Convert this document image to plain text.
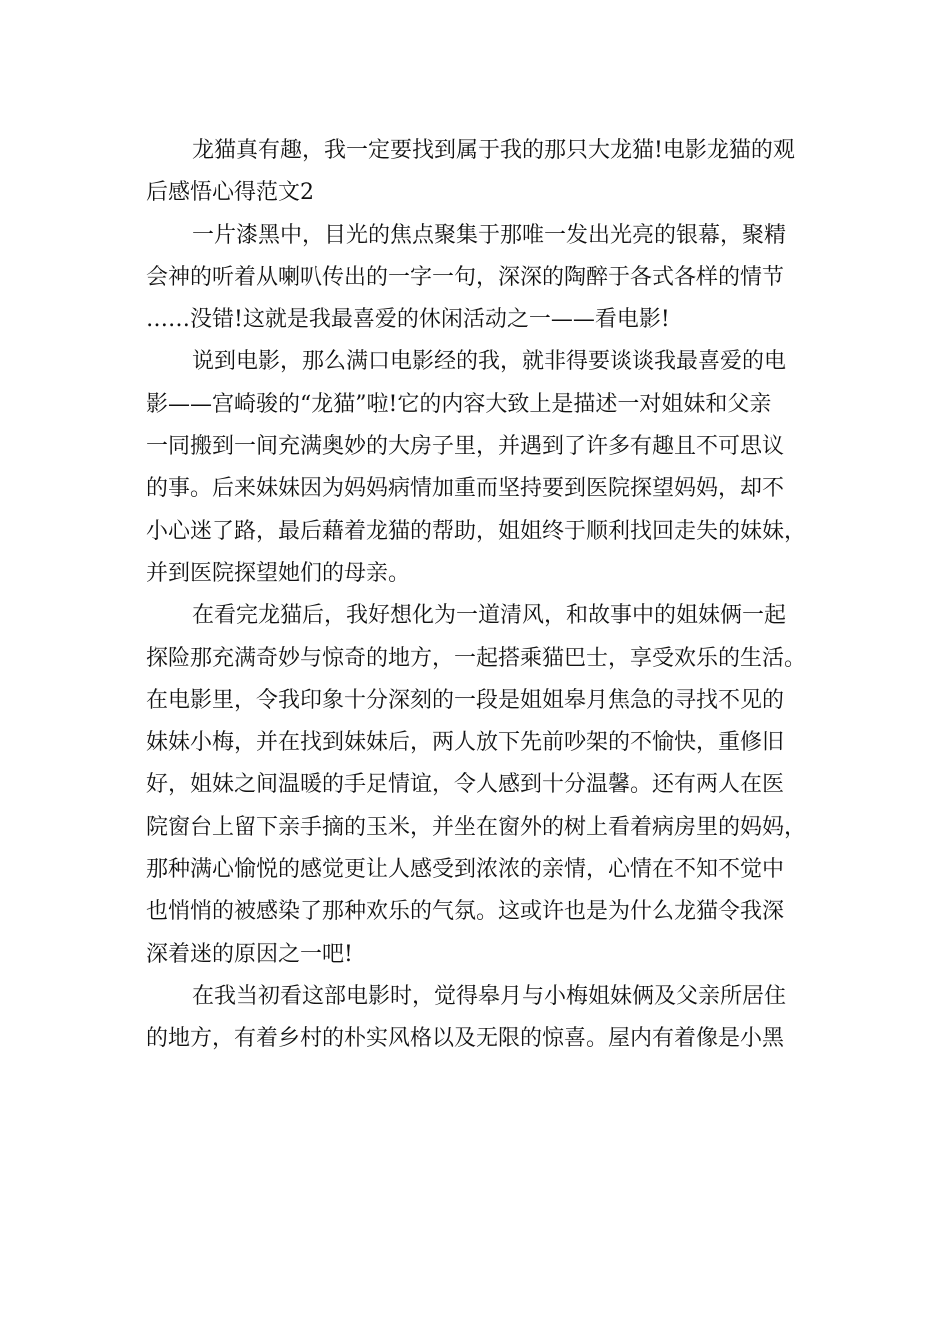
龙猫真有趣，我一定要找到属于我的那只大龙猫!电影龙猫的观
后感悟心得范文2
一片漆黑中，目光的焦点聚集于那唯一发出光亮的银幕，聚精
会神的听着从喇叭传出的一字一句，深深的陶醉于各式各样的情节
……没错!这就是我最喜爱的休闲活动之一——看电影!
说到电影，那么满口电影经的我，就非得要谈谈我最喜爱的电
影——宫崎骏的“龙猫”啦!它的内容大致上是描述一对姐妹和父亲
一同搬到一间充满奥妙的大房子里，并遇到了许多有趣且不可思议
的事。后来妹妹因为妈妈病情加重而坚持要到医院探望妈妈，却不
小心迷了路，最后藉着龙猫的帮助，姐姐终于顺利找回走失的妹妹，
并到医院探望她们的母亲。
在看完龙猫后，我好想化为一道清风，和故事中的姐妹俩一起
探险那充满奇妙与惊奇的地方，一起搭乘猫巴士，享受欢乐的生活。
在电影里，令我印象十分深刻的一段是姐姐皋月焦急的寻找不见的
妹妹小梅，并在找到妹妹后，两人放下先前吵架的不愉快，重修旧
好，姐妹之间温暖的手足情谊，令人感到十分温馨。还有两人在医
院窗台上留下亲手摘的玉米，并坐在窗外的树上看着病房里的妈妈，
那种满心愉悦的感觉更让人感受到浓浓的亲情，心情在不知不觉中
也悄悄的被感染了那种欢乐的气氛。这或许也是为什么龙猫令我深
深着迷的原因之一吧!
在我当初看这部电影时，觉得皋月与小梅姐妹俩及父亲所居住
的地方，有着乡村的朴实风格以及无限的惊喜。屋内有着像是小黑
